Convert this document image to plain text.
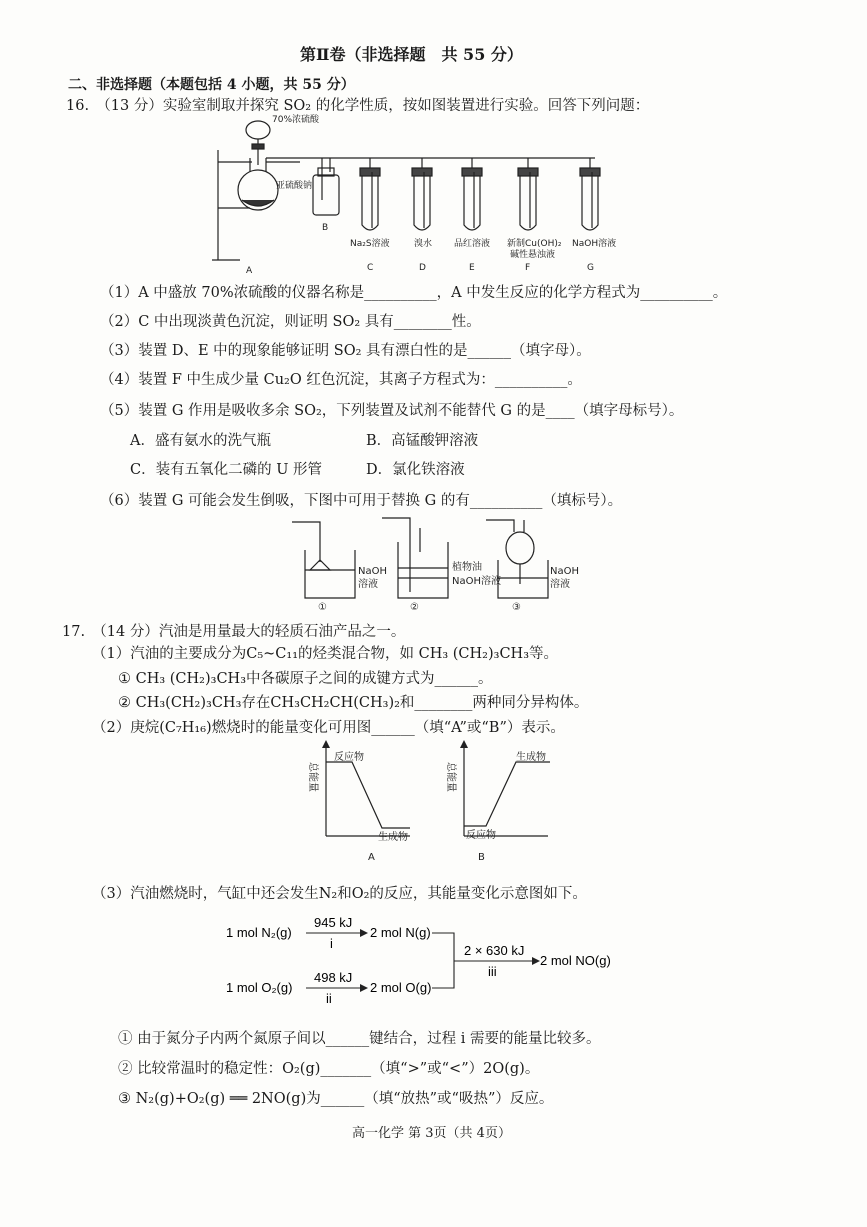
第Ⅱ卷（非选择题　共 55 分）
二、非选择题（本题包括 4 小题，共 55 分）
16.　（13 分）实验室制取并探究 SO₂ 的化学性质，按如图装置进行实验。回答下列问题：
70%浓硫酸
亚硫酸钠
Na₂S溶液	溴水 品红溶液 新制Cu(OH)₂
碱性悬浊液
NaOH溶液
A
B
C	D	E	F	G
（1）A 中盛放 70%浓硫酸的仪器名称是__________，A 中发生反应的化学方程式为__________。
（2）C 中出现淡黄色沉淀，则证明 SO₂ 具有________性。
（3）装置 D、E 中的现象能够证明 SO₂ 具有漂白性的是______（填字母）。
（4）装置 F 中生成少量 Cu₂O 红色沉淀，其离子方程式为：__________。
（5）装置 G 作用是吸收多余 SO₂，下列装置及试剂不能替代 G 的是____（填字母标号）。
A．盛有氨水的洗气瓶	B．高锰酸钾溶液
C．装有五氧化二磷的 U 形管	D．氯化铁溶液
（6）装置 G 可能会发生倒吸，下图中可用于替换 G 的有__________（填标号）。
NaOH
溶液
植物油
NaOH溶液
NaOH
溶液
①	②	③
17.　（14 分）汽油是用量最大的轻质石油产品之一。
（1）汽油的主要成分为C₅~C₁₁的烃类混合物，如 CH₃ (CH₂)₃CH₃等。
① CH₃ (CH₂)₃CH₃中各碳原子之间的成键方式为______。
② CH₃(CH₂)₃CH₃存在CH₃CH₂CH(CH₃)₂和________两种同分异构体。
（2）庚烷(C₇H₁₆)燃烧时的能量变化可用图______（填“A”或“B”）表示。
反应物
生成物	反应物
生成物
总能量	总能量
A	B
（3）汽油燃烧时，气缸中还会发生N₂和O₂的反应，其能量变化示意图如下。
1 mol N₂(g)
945 kJ
i
2 mol N(g)
1 mol O₂(g)
498 kJ
ii
2 mol O(g)
2 × 630 kJ
iii
2 mol NO(g)
① 由于氮分子内两个氮原子间以______键结合，过程 i 需要的能量比较多。
② 比较常温时的稳定性：O₂(g)_______（填“>”或“<”）2O(g)。
③ N₂(g)+O₂(g) ══ 2NO(g)为______（填“放热”或“吸热”）反应。
高一化学 第 3页（共 4页）
